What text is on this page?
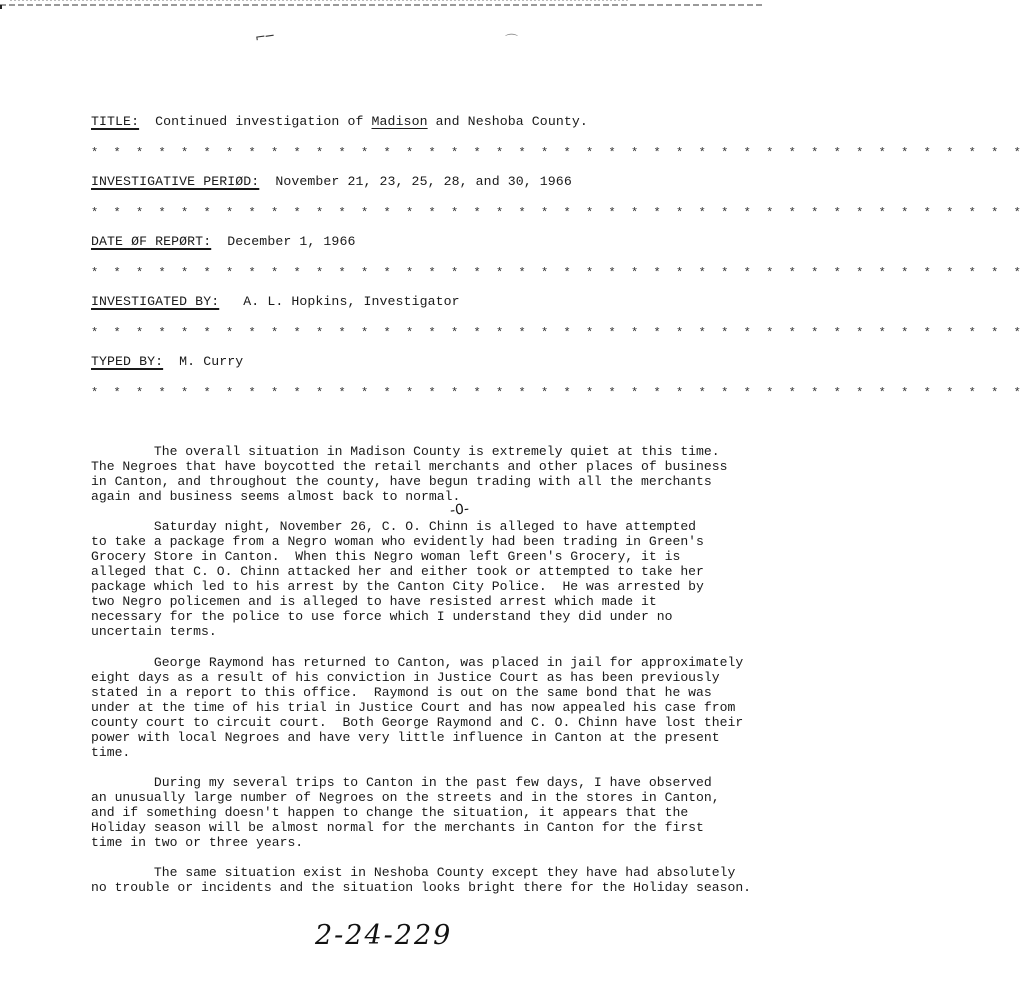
⌐─	⌒
TITLE: Continued investigation of Madison and Neshoba County.
* * * * * * * * * * * * * * * * * * * * * * * * * * * * * * * * * * * * * * * * * *
INVESTIGATIVE PERIØD: November 21, 23, 25, 28, and 30, 1966
* * * * * * * * * * * * * * * * * * * * * * * * * * * * * * * * * * * * * * * * * *
DATE ØF REPØRT: December 1, 1966
* * * * * * * * * * * * * * * * * * * * * * * * * * * * * * * * * * * * * * * * * *
INVESTIGATED BY: A. L. Hopkins, Investigator
* * * * * * * * * * * * * * * * * * * * * * * * * * * * * * * * * * * * * * * * * *
TYPED BY: M. Curry
* * * * * * * * * * * * * * * * * * * * * * * * * * * * * * * * * * * * * * * * * *
The overall situation in Madison County is extremely quiet at this time.
The Negroes that have boycotted the retail merchants and other places of business
in Canton, and throughout the county, have begun trading with all the merchants
again and business seems almost back to normal.
-0-
Saturday night, November 26, C. O. Chinn is alleged to have attempted
to take a package from a Negro woman who evidently had been trading in Green's
Grocery Store in Canton.  When this Negro woman left Green's Grocery, it is
alleged that C. O. Chinn attacked her and either took or attempted to take her
package which led to his arrest by the Canton City Police.  He was arrested by
two Negro policemen and is alleged to have resisted arrest which made it
necessary for the police to use force which I understand they did under no
uncertain terms.
George Raymond has returned to Canton, was placed in jail for approximately
eight days as a result of his conviction in Justice Court as has been previously
stated in a report to this office.  Raymond is out on the same bond that he was
under at the time of his trial in Justice Court and has now appealed his case from
county court to circuit court.  Both George Raymond and C. O. Chinn have lost their
power with local Negroes and have very little influence in Canton at the present
time.
During my several trips to Canton in the past few days, I have observed
an unusually large number of Negroes on the streets and in the stores in Canton,
and if something doesn't happen to change the situation, it appears that the
Holiday season will be almost normal for the merchants in Canton for the first
time in two or three years.
The same situation exist in Neshoba County except they have had absolutely
no trouble or incidents and the situation looks bright there for the Holiday season.
2-24-229
